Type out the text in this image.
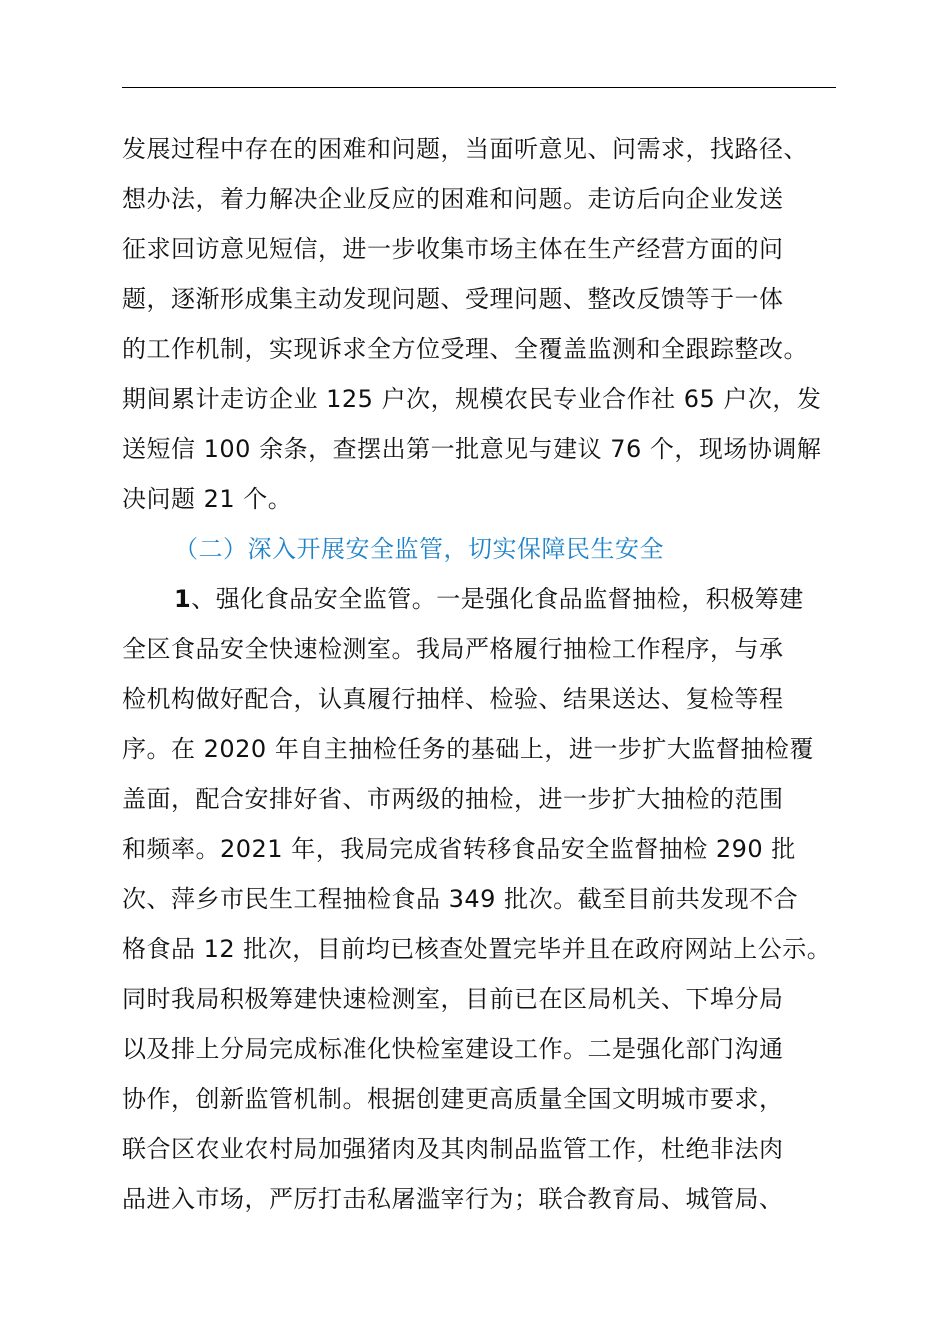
发展过程中存在的困难和问题，当面听意见、问需求，找路径、
想办法，着力解决企业反应的困难和问题。走访后向企业发送
征求回访意见短信，进一步收集市场主体在生产经营方面的问
题，逐渐形成集主动发现问题、受理问题、整改反馈等于一体
的工作机制，实现诉求全方位受理、全覆盖监测和全跟踪整改。
期间累计走访企业 125 户次，规模农民专业合作社 65 户次，发
送短信 100 余条，查摆出第一批意见与建议 76 个，现场协调解
决问题 21 个。
（二）深入开展安全监管，切实保障民生安全
1、强化食品安全监管。一是强化食品监督抽检，积极筹建
全区食品安全快速检测室。我局严格履行抽检工作程序，与承
检机构做好配合，认真履行抽样、检验、结果送达、复检等程
序。在 2020 年自主抽检任务的基础上，进一步扩大监督抽检覆
盖面，配合安排好省、市两级的抽检，进一步扩大抽检的范围
和频率。2021 年，我局完成省转移食品安全监督抽检 290 批
次、萍乡市民生工程抽检食品 349 批次。截至目前共发现不合
格食品 12 批次，目前均已核查处置完毕并且在政府网站上公示。
同时我局积极筹建快速检测室，目前已在区局机关、下埠分局
以及排上分局完成标准化快检室建设工作。二是强化部门沟通
协作，创新监管机制。根据创建更高质量全国文明城市要求，
联合区农业农村局加强猪肉及其肉制品监管工作，杜绝非法肉
品进入市场，严厉打击私屠滥宰行为；联合教育局、城管局、
